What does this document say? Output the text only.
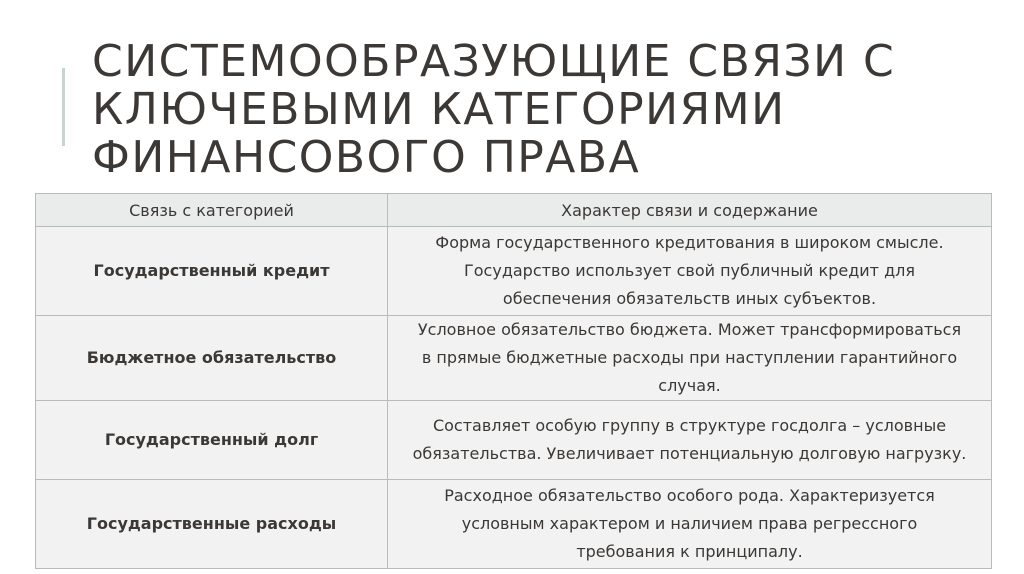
СИСТЕМООБРАЗУЮЩИЕ СВЯЗИ С
КЛЮЧЕВЫМИ КАТЕГОРИЯМИ
ФИНАНСОВОГО ПРАВА
Связь с категорией	Характер связи и содержание
Государственный кредит	Форма государственного кредитования в широком смысле.
Государство использует свой публичный кредит для
обеспечения обязательств иных субъектов.

Бюджетное обязательство	Условное обязательство бюджета. Может трансформироваться
в прямые бюджетные расходы при наступлении гарантийного
случая.

Государственный долг	Составляет особую группу в структуре госдолга – условные
обязательства. Увеличивает потенциальную долговую нагрузку.

Государственные расходы	Расходное обязательство особого рода. Характеризуется
условным характером и наличием права регрессного
требования к принципалу.
